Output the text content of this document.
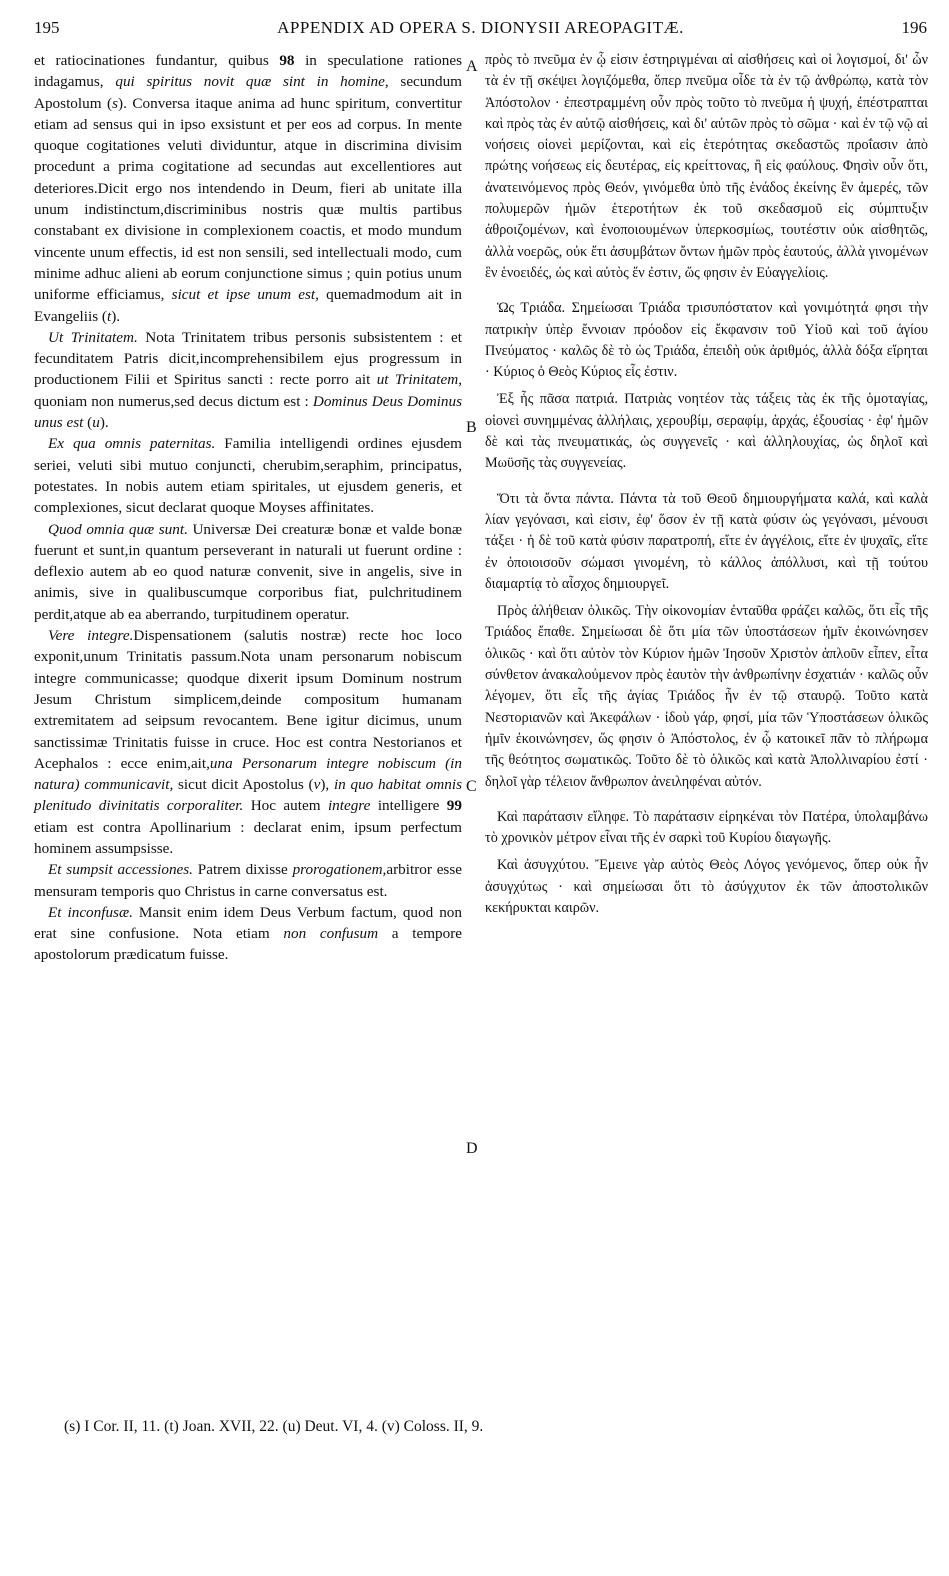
195	APPENDIX AD OPERA S. DIONYSII AREOPAGITÆ.	196

et ratiocinationes fundantur, quibus 98 in speculatione rationes indagamus, qui spiritus novit quæ sint in homine, secundum Apostolum (s). Conversa itaque anima ad hunc spiritum, convertitur etiam ad sensus qui in ipso exsistunt et per eos ad corpus. In mente quoque cogitationes veluti dividuntur, atque in discrimina divisim procedunt a prima cogitatione ad secundas aut excellentiores aut deteriores.Dicit ergo nos intendendo in Deum, fieri ab unitate illa unum indistinctum,discriminibus nostris quæ multis partibus constabant ex divisione in complexionem coactis, et modo mundum vincente unum effectis, id est non sensili, sed intellectuali modo, cum minime adhuc alieni ab eorum conjunctione simus ; quin potius unum uniforme efficiamus, sicut et ipse unum est, quemadmodum ait in Evangeliis (t).

Ut Trinitatem. Nota Trinitatem tribus personis subsistentem : et fecunditatem Patris dicit,incomprehensibilem ejus progressum in productionem Filii et Spiritus sancti : recte porro ait ut Trinitatem, quoniam non numerus,sed decus dictum est : Dominus Deus Dominus unus est (u).

Ex qua omnis paternitas. Familia intelligendi ordines ejusdem seriei, veluti sibi mutuo conjuncti, cherubim,seraphim, principatus, potestates. In nobis autem etiam spiritales, ut ejusdem generis, et complexiones, sicut declarat quoque Moyses affinitates.

Quod omnia quæ sunt. Universæ Dei creaturæ bonæ et valde bonæ fuerunt et sunt,in quantum perseverant in naturali ut fuerunt ordine : deflexio autem ab eo quod naturæ convenit, sive in angelis, sive in animis, sive in qualibuscumque corporibus fiat, pulchritudinem perdit,atque ab ea aberrando, turpitudinem operatur.

Vere integre.Dispensationem (salutis nostræ) recte hoc loco exponit,unum Trinitatis passum.Nota unam personarum nobiscum integre communicasse; quodque dixerit ipsum Dominum nostrum Jesum Christum simplicem,deinde compositum humanam extremitatem ad seipsum revocantem. Bene igitur dicimus, unum sanctissimæ Trinitatis fuisse in cruce. Hoc est contra Nestorianos et Acephalos : ecce enim,ait,una Personarum integre nobiscum (in natura) communicavit, sicut dicit Apostolus (v), in quo habitat omnis plenitudo divinitatis corporaliter. Hoc autem integre intelligere 99 etiam est contra Apollinarium : declarat enim, ipsum perfectum hominem assumpsisse.

Et sumpsit accessiones. Patrem dixisse prorogationem,arbitror esse mensuram temporis quo Christus in carne conversatus est.

Et inconfusæ. Mansit enim idem Deus Verbum factum, quod non erat sine confusione. Nota etiam non confusum a tempore apostolorum prædicatum fuisse.

A
B
C
D

πρὸς τὸ πνεῦμα ἐν ᾧ εἰσιν ἐστηριγμέναι αἱ αἰσθήσεις καὶ οἱ λογισμοί, δι' ὧν τὰ ἐν τῇ σκέψει λογιζόμεθα, ὅπερ πνεῦμα οἶδε τὰ ἐν τῷ ἀνθρώπῳ, κατὰ τὸν Ἀπόστολον · ἐπεστραμμένη οὖν πρὸς τοῦτο τὸ πνεῦμα ἡ ψυχή, ἐπέστραπται καὶ πρὸς τὰς ἐν αὐτῷ αἰσθήσεις, καὶ δι' αὐτῶν πρὸς τὸ σῶμα · καὶ ἐν τῷ νῷ αἱ νοήσεις οἱονεὶ μερίζονται, καὶ εἰς ἑτερότητας σκεδαστῶς προΐασιν ἀπὸ πρώτης νοήσεως εἰς δευτέρας, εἰς κρείττονας, ἢ εἰς φαύλους. Φησὶν οὖν ὅτι, ἀνατεινόμενος πρὸς Θεόν, γινόμεθα ὑπὸ τῆς ἑνάδος ἐκείνης ἓν ἀμερές, τῶν πολυμερῶν ἡμῶν ἑτεροτήτων ἐκ τοῦ σκεδασμοῦ εἰς σύμπτυξιν ἀθροιζομένων, καὶ ἑνοποιουμένων ὑπερκοσμίως, τουτέστιν οὐκ αἰσθητῶς, ἀλλὰ νοερῶς, οὐκ ἔτι ἀσυμβάτων ὄντων ἡμῶν πρὸς ἑαυτούς, ἀλλὰ γινομένων ἓν ἑνοειδές, ὡς καὶ αὐτὸς ἕν ἐστιν, ὥς φησιν ἐν Εὐαγγελίοις.

Ὡς Τριάδα. Σημείωσαι Τριάδα τρισυπόστατον καὶ γονιμότητά φησι τὴν πατρικὴν ὑπὲρ ἔννοιαν πρόοδον εἰς ἔκφανσιν τοῦ Υἱοῦ καὶ τοῦ ἁγίου Πνεύματος · καλῶς δὲ τὸ ὡς Τριάδα, ἐπειδὴ οὐκ ἀριθμός, ἀλλὰ δόξα εἴρηται · Κύριος ὁ Θεὸς Κύριος εἷς ἐστιν.

Ἐξ ἧς πᾶσα πατριά. Πατριὰς νοητέον τὰς τάξεις τὰς ἐκ τῆς ὁμοταγίας, οἱονεὶ συνημμένας ἀλλήλαις, χερουβίμ, σεραφίμ, ἀρχάς, ἐξουσίας · ἐφ' ἡμῶν δὲ καὶ τὰς πνευματικάς, ὡς συγγενεῖς · καὶ ἀλληλουχίας, ὡς δηλοῖ καὶ Μωϋσῆς τὰς συγγενείας.

Ὅτι τὰ ὄντα πάντα. Πάντα τὰ τοῦ Θεοῦ δημιουργήματα καλά, καὶ καλὰ λίαν γεγόνασι, καὶ εἰσιν, ἐφ' ὅσον ἐν τῇ κατὰ φύσιν ὡς γεγόνασι, μένουσι τάξει · ἡ δὲ τοῦ κατὰ φύσιν παρατροπή, εἴτε ἐν ἀγγέλοις, εἴτε ἐν ψυχαῖς, εἴτε ἐν ὁποιοισοῦν σώμασι γινομένη, τὸ κάλλος ἀπόλλυσι, καὶ τῇ τούτου διαμαρτίᾳ τὸ αἶσχος δημιουργεῖ.

Πρὸς ἀλήθειαν ὁλικῶς. Τὴν οἰκονομίαν ἐνταῦθα φράζει καλῶς, ὅτι εἷς τῆς Τριάδος ἔπαθε. Σημείωσαι δὲ ὅτι μία τῶν ὑποστάσεων ἡμῖν ἐκοινώνησεν ὁλικῶς · καὶ ὅτι αὐτὸν τὸν Κύριον ἡμῶν Ἰησοῦν Χριστὸν ἁπλοῦν εἶπεν, εἶτα σύνθετον ἀνακαλούμενον πρὸς ἑαυτὸν τὴν ἀνθρωπίνην ἐσχατιάν · καλῶς οὖν λέγομεν, ὅτι εἷς τῆς ἁγίας Τριάδος ἦν ἐν τῷ σταυρῷ. Τοῦτο κατὰ Νεστοριανῶν καὶ Ἀκεφάλων · ἰδοὺ γάρ, φησί, μία τῶν Ὑποστάσεων ὁλικῶς ἡμῖν ἐκοινώνησεν, ὥς φησιν ὁ Ἀπόστολος, ἐν ᾧ κατοικεῖ πᾶν τὸ πλήρωμα τῆς θεότητος σωματικῶς. Τοῦτο δὲ τὸ ὁλικῶς καὶ κατὰ Ἀπολλιναρίου ἐστί · δηλοῖ γὰρ τέλειον ἄνθρωπον ἀνειληφέναι αὐτόν.

Καὶ παράτασιν εἴληφε. Τὸ παράτασιν εἰρηκέναι τὸν Πατέρα, ὑπολαμβάνω τὸ χρονικὸν μέτρον εἶναι τῆς ἐν σαρκὶ τοῦ Κυρίου διαγωγῆς.

Καὶ ἀσυγχύτου. Ἔμεινε γὰρ αὐτὸς Θεὸς Λόγος γενόμενος, ὅπερ οὐκ ἦν ἀσυγχύτως · καὶ σημείωσαι ὅτι τὸ ἀσύγχυτον ἐκ τῶν ἀποστολικῶν κεκήρυκται καιρῶν.

(s) I Cor. II, 11. (t) Joan. XVII, 22. (u) Deut. VI, 4. (v) Coloss. II, 9.
